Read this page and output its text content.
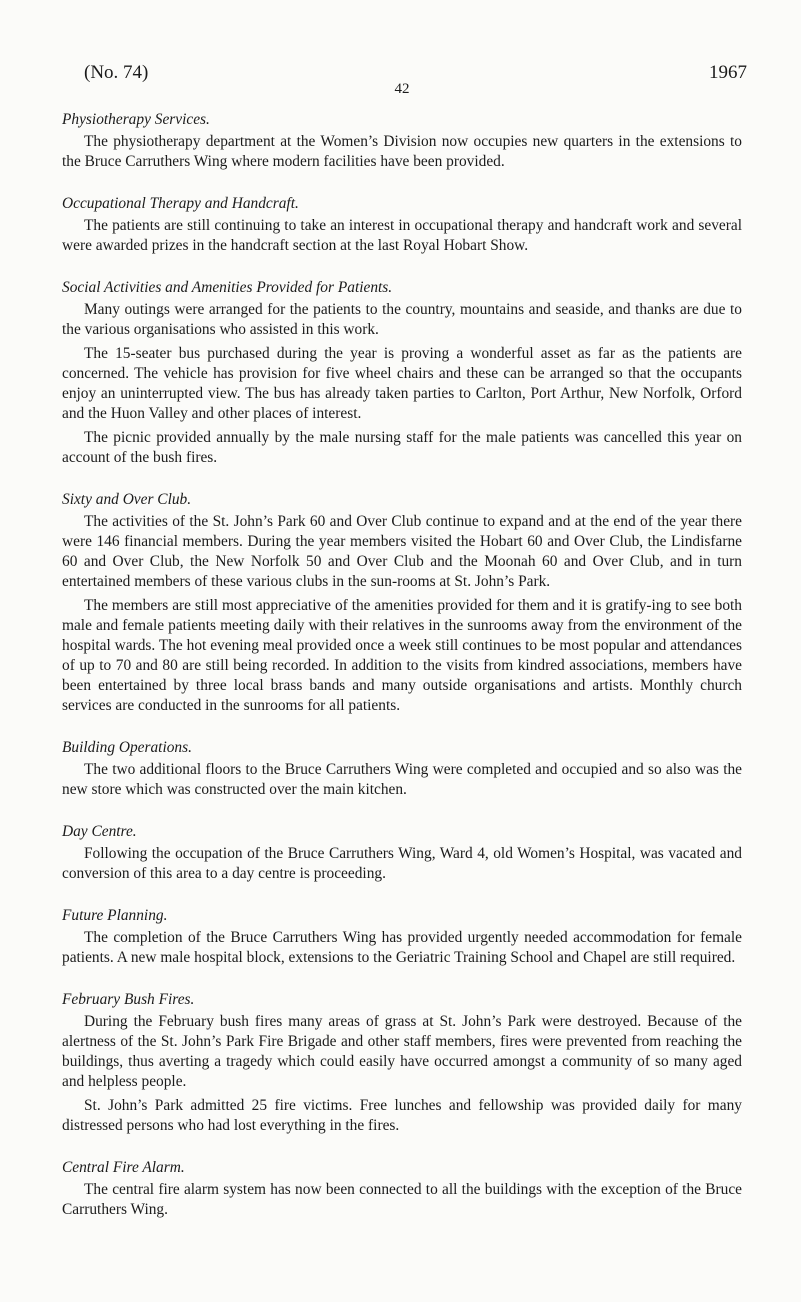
(No. 74)
42
1967
Physiotherapy Services.

The physiotherapy department at the Women’s Division now occupies new quarters in the extensions to the Bruce Carruthers Wing where modern facilities have been provided.

Occupational Therapy and Handcraft.

The patients are still continuing to take an interest in occupational therapy and handcraft work and several were awarded prizes in the handcraft section at the last Royal Hobart Show.

Social Activities and Amenities Provided for Patients.

Many outings were arranged for the patients to the country, mountains and seaside, and thanks are due to the various organisations who assisted in this work.

The 15-seater bus purchased during the year is proving a wonderful asset as far as the patients are concerned. The vehicle has provision for five wheel chairs and these can be arranged so that the occupants enjoy an uninterrupted view. The bus has already taken parties to Carlton, Port Arthur, New Norfolk, Orford and the Huon Valley and other places of interest.

The picnic provided annually by the male nursing staff for the male patients was cancelled this year on account of the bush fires.

Sixty and Over Club.

The activities of the St. John’s Park 60 and Over Club continue to expand and at the end of the year there were 146 financial members. During the year members visited the Hobart 60 and Over Club, the Lindisfarne 60 and Over Club, the New Norfolk 50 and Over Club and the Moonah 60 and Over Club, and in turn entertained members of these various clubs in the sun-rooms at St. John’s Park.

The members are still most appreciative of the amenities provided for them and it is gratify-ing to see both male and female patients meeting daily with their relatives in the sunrooms away from the environment of the hospital wards. The hot evening meal provided once a week still continues to be most popular and attendances of up to 70 and 80 are still being recorded. In addition to the visits from kindred associations, members have been entertained by three local brass bands and many outside organisations and artists. Monthly church services are conducted in the sunrooms for all patients.

Building Operations.

The two additional floors to the Bruce Carruthers Wing were completed and occupied and so also was the new store which was constructed over the main kitchen.

Day Centre.

Following the occupation of the Bruce Carruthers Wing, Ward 4, old Women’s Hospital, was vacated and conversion of this area to a day centre is proceeding.

Future Planning.

The completion of the Bruce Carruthers Wing has provided urgently needed accommodation for female patients. A new male hospital block, extensions to the Geriatric Training School and Chapel are still required.

February Bush Fires.

During the February bush fires many areas of grass at St. John’s Park were destroyed. Because of the alertness of the St. John’s Park Fire Brigade and other staff members, fires were prevented from reaching the buildings, thus averting a tragedy which could easily have occurred amongst a community of so many aged and helpless people.

St. John’s Park admitted 25 fire victims. Free lunches and fellowship was provided daily for many distressed persons who had lost everything in the fires.

Central Fire Alarm.

The central fire alarm system has now been connected to all the buildings with the exception of the Bruce Carruthers Wing.
